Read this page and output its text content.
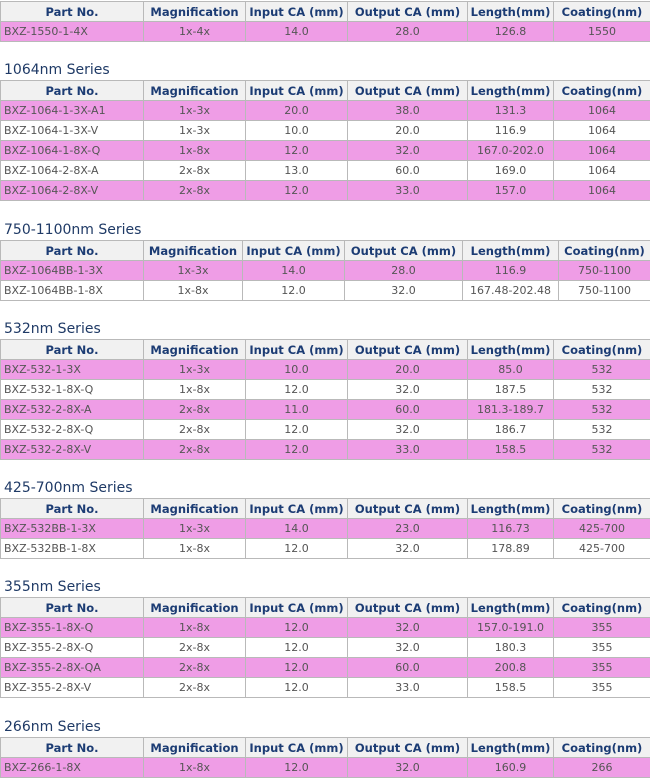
Part No.	Magnification	Input CA (mm)	Output CA (mm)	Length(mm)	Coating(nm)
BXZ-1550-1-4X	1x-4x	14.0	28.0	126.8	1550
1064nm Series
Part No.	Magnification	Input CA (mm)	Output CA (mm)	Length(mm)	Coating(nm)
BXZ-1064-1-3X-A1	1x-3x	20.0	38.0	131.3	1064
BXZ-1064-1-3X-V	1x-3x	10.0	20.0	116.9	1064
BXZ-1064-1-8X-Q	1x-8x	12.0	32.0	167.0-202.0	1064
BXZ-1064-2-8X-A	2x-8x	13.0	60.0	169.0	1064
BXZ-1064-2-8X-V	2x-8x	12.0	33.0	157.0	1064
750-1100nm Series
Part No.	Magnification	Input CA (mm)	Output CA (mm)	Length(mm)	Coating(nm)
BXZ-1064BB-1-3X	1x-3x	14.0	28.0	116.9	750-1100
BXZ-1064BB-1-8X	1x-8x	12.0	32.0	167.48-202.48	750-1100
532nm Series
Part No.	Magnification	Input CA (mm)	Output CA (mm)	Length(mm)	Coating(nm)
BXZ-532-1-3X	1x-3x	10.0	20.0	85.0	532
BXZ-532-1-8X-Q	1x-8x	12.0	32.0	187.5	532
BXZ-532-2-8X-A	2x-8x	11.0	60.0	181.3-189.7	532
BXZ-532-2-8X-Q	2x-8x	12.0	32.0	186.7	532
BXZ-532-2-8X-V	2x-8x	12.0	33.0	158.5	532
425-700nm Series
Part No.	Magnification	Input CA (mm)	Output CA (mm)	Length(mm)	Coating(nm)
BXZ-532BB-1-3X	1x-3x	14.0	23.0	116.73	425-700
BXZ-532BB-1-8X	1x-8x	12.0	32.0	178.89	425-700
355nm Series
Part No.	Magnification	Input CA (mm)	Output CA (mm)	Length(mm)	Coating(nm)
BXZ-355-1-8X-Q	1x-8x	12.0	32.0	157.0-191.0	355
BXZ-355-2-8X-Q	2x-8x	12.0	32.0	180.3	355
BXZ-355-2-8X-QA	2x-8x	12.0	60.0	200.8	355
BXZ-355-2-8X-V	2x-8x	12.0	33.0	158.5	355
266nm Series
Part No.	Magnification	Input CA (mm)	Output CA (mm)	Length(mm)	Coating(nm)
BXZ-266-1-8X	1x-8x	12.0	32.0	160.9	266
